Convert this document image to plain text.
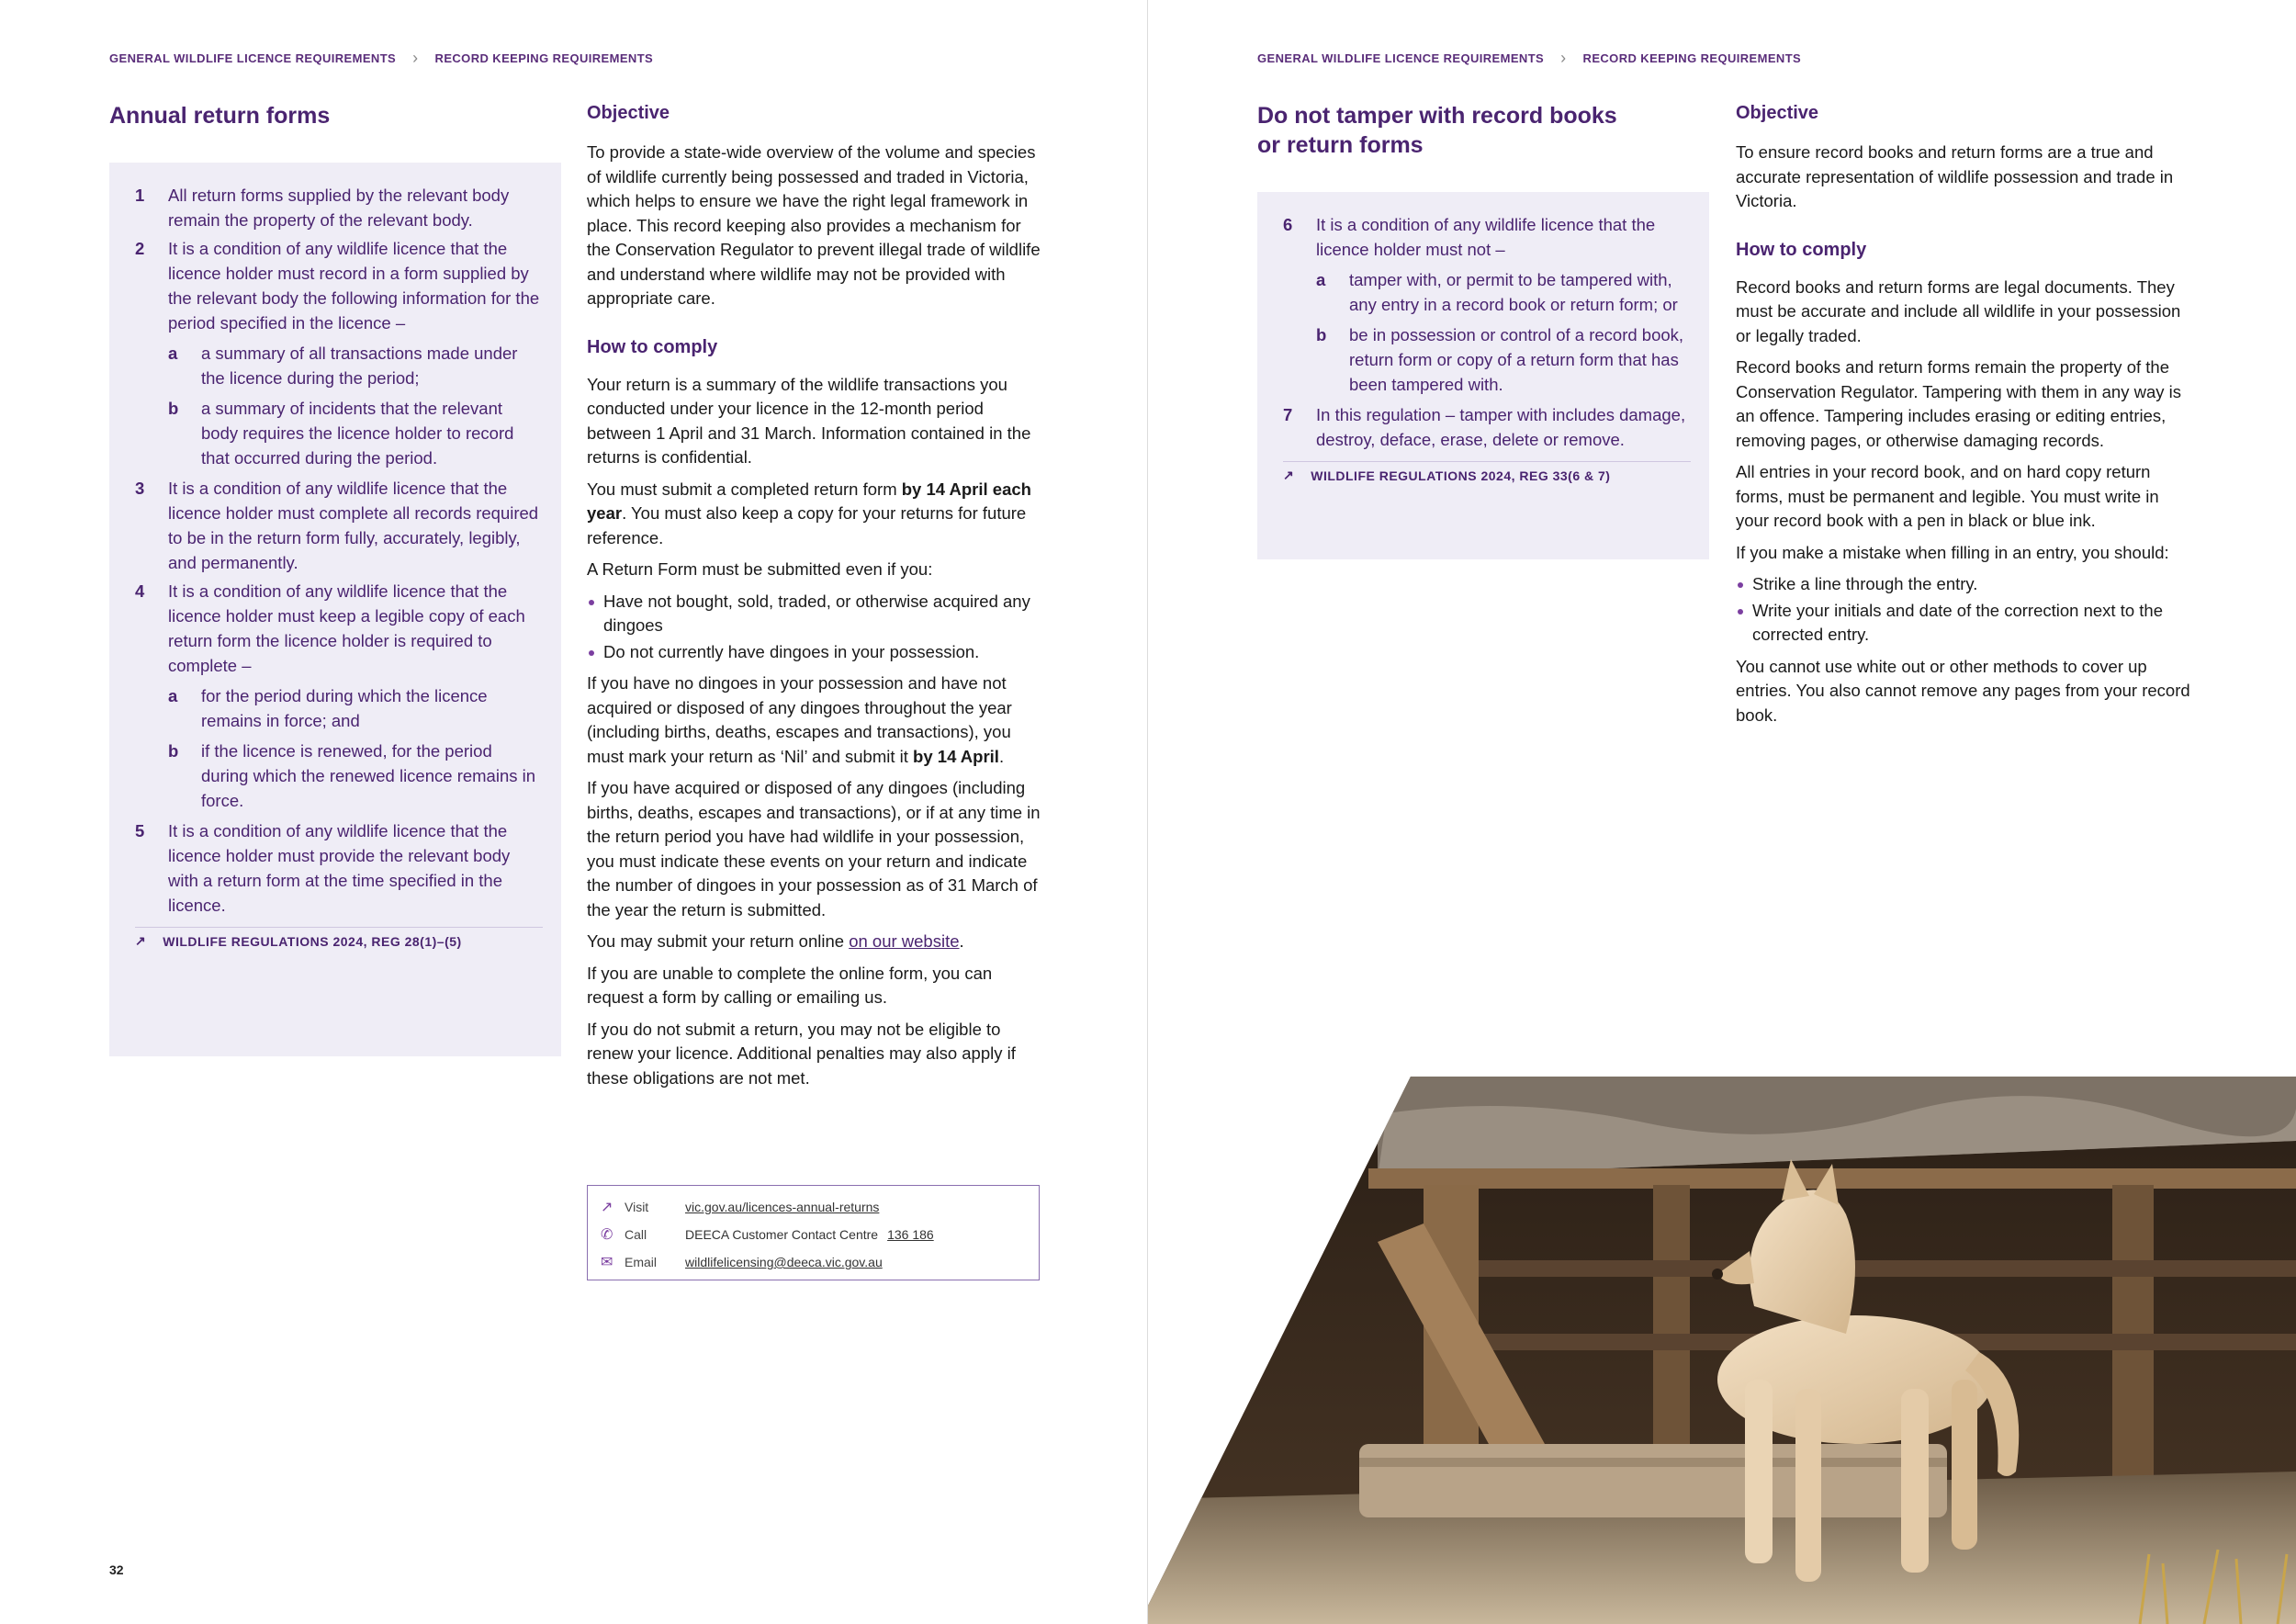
GENERAL WILDLIFE LICENCE REQUIREMENTS › RECORD KEEPING REQUIREMENTS
Annual return forms
1	All return forms supplied by the relevant body remain the property of the relevant body.
2	It is a condition of any wildlife licence that the licence holder must record in a form supplied by the relevant body the following information for the period specified in the licence –
a	a summary of all transactions made under the licence during the period;
b	a summary of incidents that the relevant body requires the licence holder to record that occurred during the period.
3	It is a condition of any wildlife licence that the licence holder must complete all records required to be in the return form fully, accurately, legibly, and permanently.
4	It is a condition of any wildlife licence that the licence holder must keep a legible copy of each return form the licence holder is required to complete –
a	for the period during which the licence remains in force; and
b	if the licence is renewed, for the period during which the renewed licence remains in force.
5	It is a condition of any wildlife licence that the licence holder must provide the relevant body with a return form at the time specified in the licence.
↗ WILDLIFE REGULATIONS 2024, REG 28(1)–(5)
Objective

To provide a state-wide overview of the volume and species of wildlife currently being possessed and traded in Victoria, which helps to ensure we have the right legal framework in place. This record keeping also provides a mechanism for the Conservation Regulator to prevent illegal trade of wildlife and understand where wildlife may not be provided with appropriate care.

How to comply

Your return is a summary of the wildlife transactions you conducted under your licence in the 12-month period between 1 April and 31 March. Information contained in the returns is confidential.

You must submit a completed return form by 14 April each year. You must also keep a copy for your returns for future reference.

A Return Form must be submitted even if you:

Have not bought, sold, traded, or otherwise acquired any dingoes
Do not currently have dingoes in your possession.

If you have no dingoes in your possession and have not acquired or disposed of any dingoes throughout the year (including births, deaths, escapes and transactions), you must mark your return as ‘Nil’ and submit it by 14 April.

If you have acquired or disposed of any dingoes (including births, deaths, escapes and transactions), or if at any time in the return period you have had wildlife in your possession, you must indicate these events on your return and indicate the number of dingoes in your possession as of 31 March of the year the return is submitted.

You may submit your return online on our website.

If you are unable to complete the online form, you can request a form by calling or emailing us.

If you do not submit a return, you may not be eligible to renew your licence. Additional penalties may also apply if these obligations are not met.

↗ Visit	vic.gov.au/licences-annual-returns
✆ Call	DEECA Customer Contact Centre 136 186
✉ Email	wildlifelicensing@deeca.vic.gov.au
32
GENERAL WILDLIFE LICENCE REQUIREMENTS › RECORD KEEPING REQUIREMENTS
Do not tamper with record books
or return forms
6	It is a condition of any wildlife licence that the licence holder must not –
a	tamper with, or permit to be tampered with, any entry in a record book or return form; or
b	be in possession or control of a record book, return form or copy of a return form that has been tampered with.
7	In this regulation – tamper with includes damage, destroy, deface, erase, delete or remove.
↗ WILDLIFE REGULATIONS 2024, REG 33(6 & 7)
Objective

To ensure record books and return forms are a true and accurate representation of wildlife possession and trade in Victoria.

How to comply

Record books and return forms are legal documents. They must be accurate and include all wildlife in your possession or legally traded.

Record books and return forms remain the property of the Conservation Regulator. Tampering with them in any way is an offence. Tampering includes erasing or editing entries, removing pages, or otherwise damaging records.

All entries in your record book, and on hard copy return forms, must be permanent and legible. You must write in your record book with a pen in black or blue ink.

If you make a mistake when filling in an entry, you should:

Strike a line through the entry.
Write your initials and date of the correction next to the corrected entry.

You cannot use white out or other methods to cover up entries. You also cannot remove any pages from your record book.
